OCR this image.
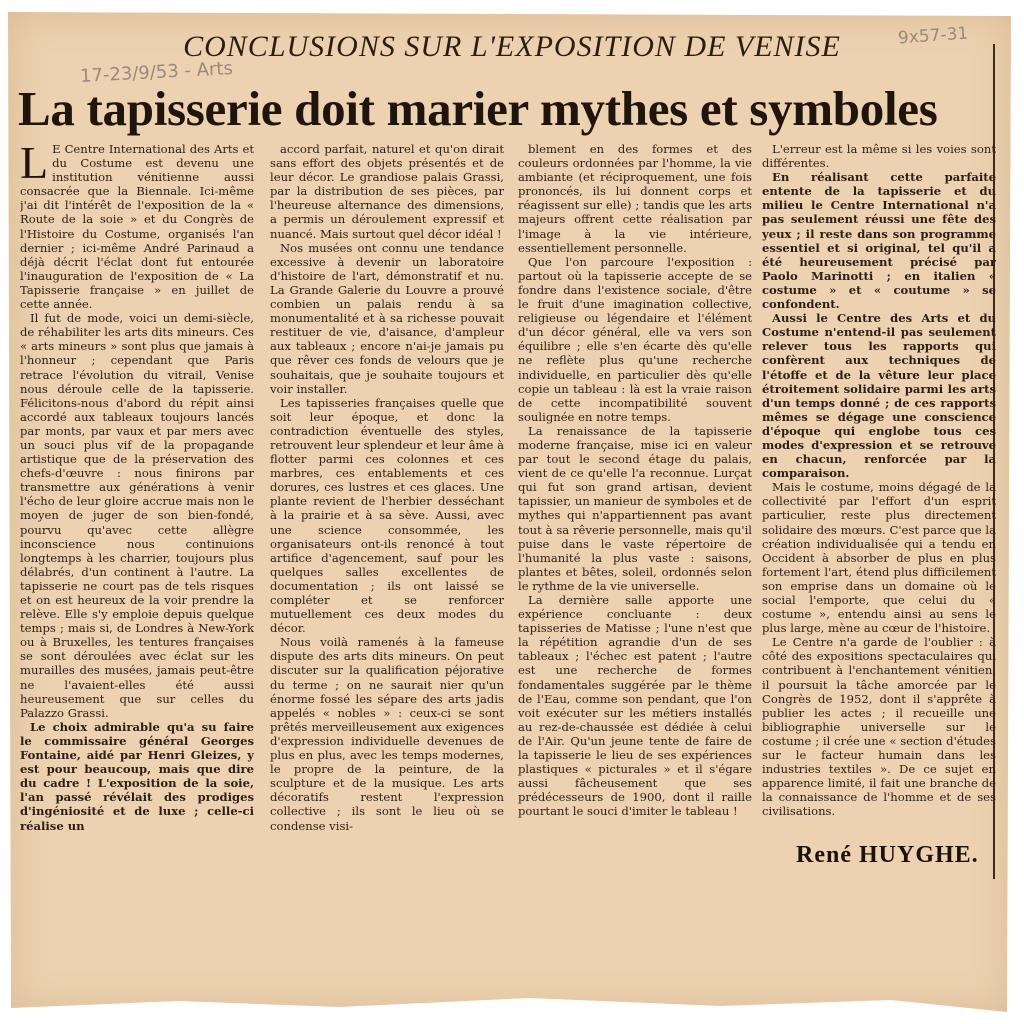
9x57-31
CONCLUSIONS SUR L'EXPOSITION DE VENISE
17-23/9/53 - Arts
La tapisserie doit marier mythes et symboles
L E Centre International des Arts et du Costume est devenu une institution vénitienne aussi consacrée que la Biennale. Ici-même j'ai dit l'intérêt de l'exposition de la « Route de la soie » et du Congrès de l'Histoire du Costume, organisés l'an dernier ; ici-même André Parinaud a déjà décrit l'éclat dont fut entourée l'inauguration de l'exposition de « La Tapisserie française » en juillet de cette année.

Il fut de mode, voici un demi-siècle, de réhabiliter les arts dits mineurs. Ces « arts mineurs » sont plus que jamais à l'honneur ; cependant que Paris retrace l'évolution du vitrail, Venise nous déroule celle de la tapisserie. Félicitons-nous d'abord du répit ainsi accordé aux tableaux toujours lancés par monts, par vaux et par mers avec un souci plus vif de la propagande artistique que de la préservation des chefs-d'œuvre : nous finirons par transmettre aux générations à venir l'écho de leur gloire accrue mais non le moyen de juger de son bien-fondé, pourvu qu'avec cette allègre inconscience nous continuions longtemps à les charrier, toujours plus délabrés, d'un continent à l'autre. La tapisserie ne court pas de tels risques et on est heureux de la voir prendre la relève. Elle s'y emploie depuis quelque temps ; mais si, de Londres à New-York ou à Bruxelles, les tentures françaises se sont déroulées avec éclat sur les murailles des musées, jamais peut-être ne l'avaient-elles été aussi heureusement que sur celles du Palazzo Grassi.

Le choix admirable qu'a su faire le commissaire général Georges Fontaine, aidé par Henri Gleizes, y est pour beaucoup, mais que dire du cadre ! L'exposition de la soie, l'an passé révélait des prodiges d'ingéniosité et de luxe ; celle-ci réalise un

accord parfait, naturel et qu'on dirait sans effort des objets présentés et de leur décor. Le grandiose palais Grassi, par la distribution de ses pièces, par l'heureuse alternance des dimensions, a permis un déroulement expressif et nuancé. Mais surtout quel décor idéal !

Nos musées ont connu une tendance excessive à devenir un laboratoire d'histoire de l'art, démonstratif et nu. La Grande Galerie du Louvre a prouvé combien un palais rendu à sa monumentalité et à sa richesse pouvait restituer de vie, d'aisance, d'ampleur aux tableaux ; encore n'ai-je jamais pu que rêver ces fonds de velours que je souhaitais, que je souhaite toujours et voir installer.

Les tapisseries françaises quelle que soit leur époque, et donc la contradiction éventuelle des styles, retrouvent leur splendeur et leur âme à flotter parmi ces colonnes et ces marbres, ces entablements et ces dorures, ces lustres et ces glaces. Une plante revient de l'herbier desséchant à la prairie et à sa sève. Aussi, avec une science consommée, les organisateurs ont-ils renoncé à tout artifice d'agencement, sauf pour les quelques salles excellentes de documentation ; ils ont laissé se compléter et se renforcer mutuellement ces deux modes du décor.

Nous voilà ramenés à la fameuse dispute des arts dits mineurs. On peut discuter sur la qualification péjorative du terme ; on ne saurait nier qu'un énorme fossé les sépare des arts jadis appelés « nobles » : ceux-ci se sont prêtés merveilleusement aux exigences d'expression individuelle devenues de plus en plus, avec les temps modernes, le propre de la peinture, de la sculpture et de la musique. Les arts décoratifs restent l'expression collective ; ils sont le lieu où se condense visi-

blement en des formes et des couleurs ordonnées par l'homme, la vie ambiante (et réciproquement, une fois prononcés, ils lui donnent corps et réagissent sur elle) ; tandis que les arts majeurs offrent cette réalisation par l'image à la vie intérieure, essentiellement personnelle.

Que l'on parcoure l'exposition : partout où la tapisserie accepte de se fondre dans l'existence sociale, d'être le fruit d'une imagination collective, religieuse ou légendaire et l'élément d'un décor général, elle va vers son équilibre ; elle s'en écarte dès qu'elle ne reflète plus qu'une recherche individuelle, en particulier dès qu'elle copie un tableau : là est la vraie raison de cette incompatibilité souvent soulignée en notre temps.

La renaissance de la tapisserie moderne française, mise ici en valeur par tout le second étage du palais, vient de ce qu'elle l'a reconnue. Lurçat qui fut son grand artisan, devient tapissier, un manieur de symboles et de mythes qui n'appartiennent pas avant tout à sa rêverie personnelle, mais qu'il puise dans le vaste répertoire de l'humanité la plus vaste : saisons, plantes et bêtes, soleil, ordonnés selon le rythme de la vie universelle.

La dernière salle apporte une expérience concluante : deux tapisseries de Matisse ; l'une n'est que la répétition agrandie d'un de ses tableaux ; l'échec est patent ; l'autre est une recherche de formes fondamentales suggérée par le thème de l'Eau, comme son pendant, que l'on voit exécuter sur les métiers installés au rez-de-chaussée est dédiée à celui de l'Air. Qu'un jeune tente de faire de la tapisserie le lieu de ses expériences plastiques « picturales » et il s'égare aussi fâcheusement que ses prédécesseurs de 1900, dont il raille pourtant le souci d'imiter le tableau !

L'erreur est la même si les voies sont différentes.

En réalisant cette parfaite entente de la tapisserie et du milieu le Centre International n'a pas seulement réussi une fête des yeux ; il reste dans son programme essentiel et si original, tel qu'il a été heureusement précisé par Paolo Marinotti ; en italien « costume » et « coutume » se confondent.

Aussi le Centre des Arts et du Costume n'entend-il pas seulement relever tous les rapports qui confèrent aux techniques de l'étoffe et de la vêture leur place étroitement solidaire parmi les arts d'un temps donné ; de ces rapports mêmes se dégage une conscience d'époque qui englobe tous ces modes d'expression et se retrouve en chacun, renforcée par la comparaison.

Mais le costume, moins dégagé de la collectivité par l'effort d'un esprit particulier, reste plus directement solidaire des mœurs. C'est parce que la création individualisée qui a tendu en Occident à absorber de plus en plus fortement l'art, étend plus difficilement son emprise dans un domaine où le social l'emporte, que celui du « costume », entendu ainsi au sens le plus large, mène au cœur de l'histoire.

Le Centre n'a garde de l'oublier : à côté des expositions spectaculaires qui contribuent à l'enchantement vénitien, il poursuit la tâche amorcée par le Congrès de 1952, dont il s'apprête à publier les actes ; il recueille une bibliographie universelle sur le costume ; il crée une « section d'études sur le facteur humain dans les industries textiles ». De ce sujet en apparence limité, il fait une branche de la connaissance de l'homme et de ses civilisations.

René HUYGHE.
